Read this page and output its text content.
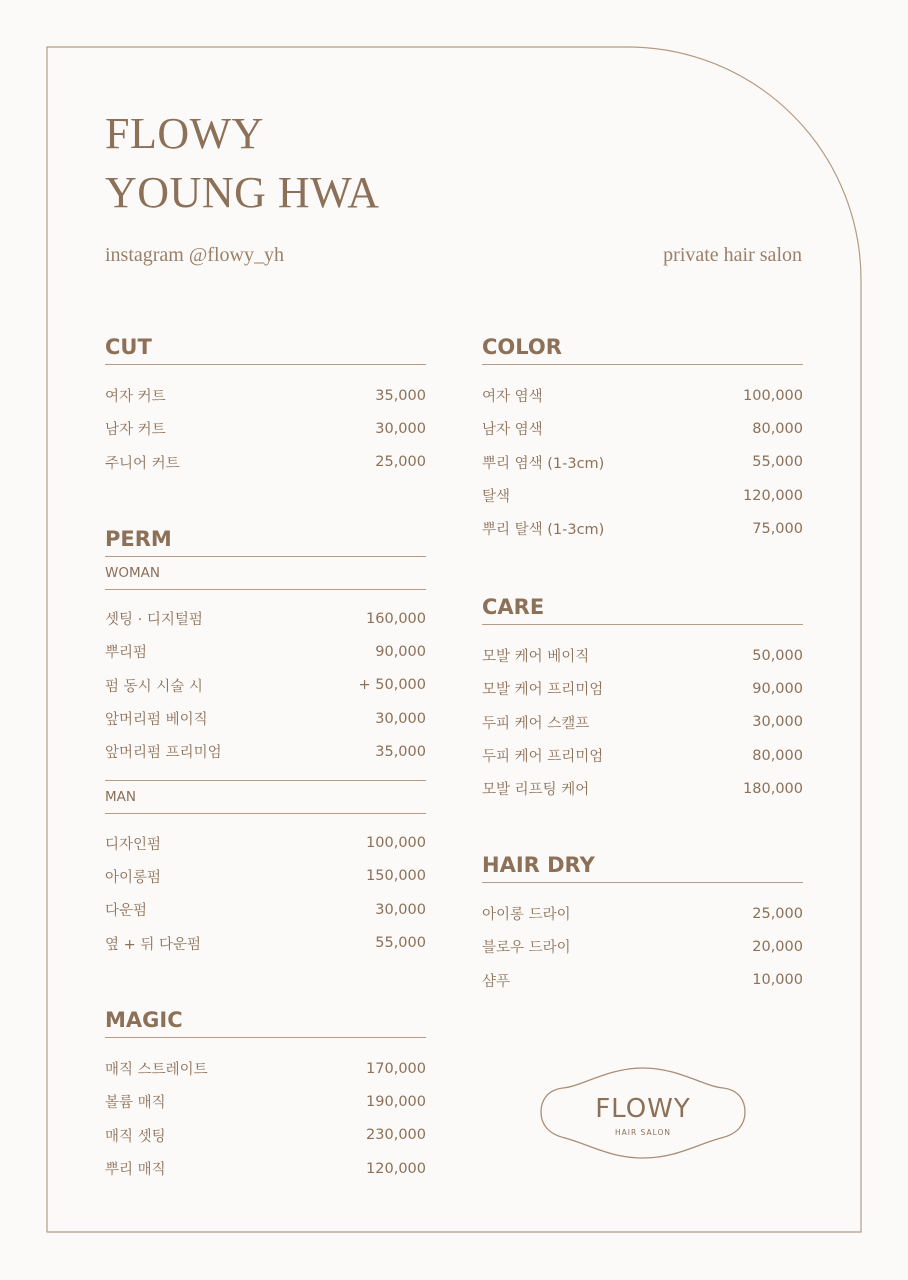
FLOWY
YOUNG HWA
instagram @flowy_yh	private hair salon
CUT
여자 커트	35,000
남자 커트	30,000
주니어 커트	25,000
PERM
WOMAN
셋팅 · 디지털펌	160,000
뿌리펌	90,000
펌 동시 시술 시	+ 50,000
앞머리펌 베이직	30,000
앞머리펌 프리미엄	35,000
MAN
디자인펌	100,000
아이롱펌	150,000
다운펌	30,000
옆 + 뒤 다운펌	55,000
MAGIC
매직 스트레이트	170,000
볼륨 매직	190,000
매직 셋팅	230,000
뿌리 매직	120,000
COLOR
여자 염색	100,000
남자 염색	80,000
뿌리 염색 (1-3cm)	55,000
탈색	120,000
뿌리 탈색 (1-3cm)	75,000
CARE
모발 케어 베이직	50,000
모발 케어 프리미엄	90,000
두피 케어 스캘프	30,000
두피 케어 프리미엄	80,000
모발 리프팅 케어	180,000
HAIR DRY
아이롱 드라이	25,000
블로우 드라이	20,000
샴푸	10,000
FLOWY
HAIR SALON
